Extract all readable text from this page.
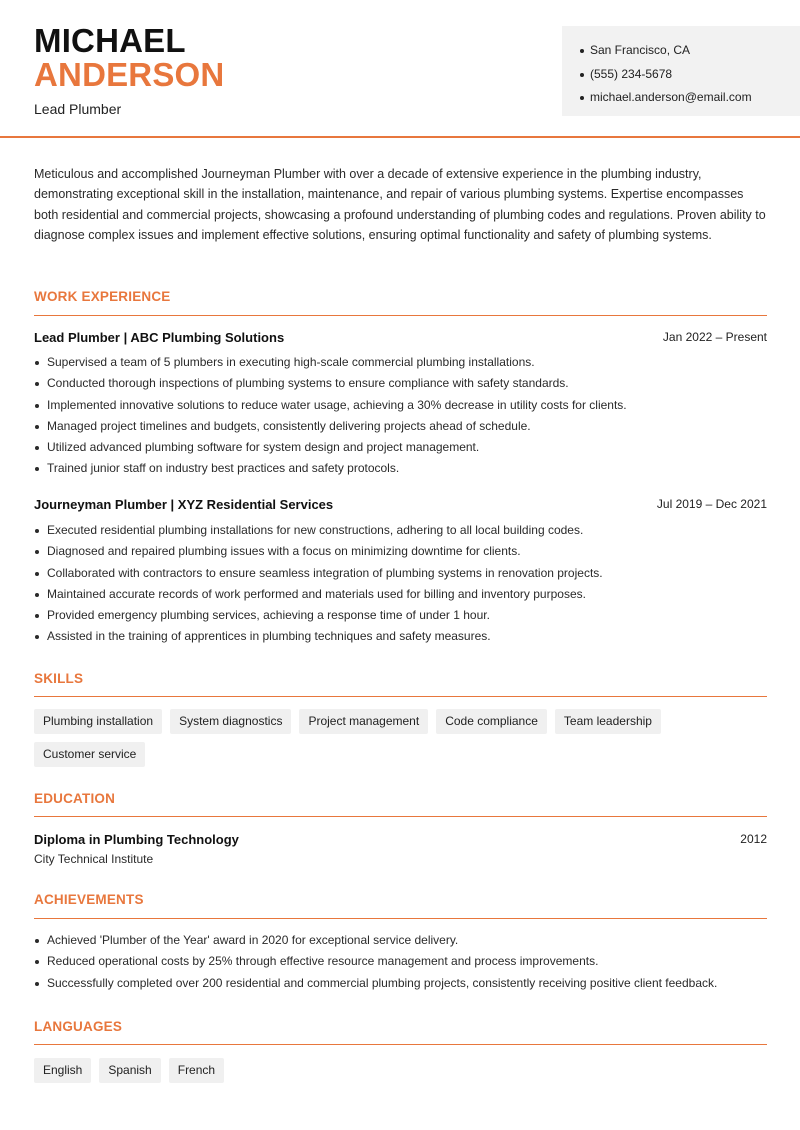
MICHAEL
ANDERSON
Lead Plumber
San Francisco, CA
(555) 234-5678
michael.anderson@email.com

Meticulous and accomplished Journeyman Plumber with over a decade of extensive experience in the plumbing industry, demonstrating exceptional skill in the installation, maintenance, and repair of various plumbing systems. Expertise encompasses both residential and commercial projects, showcasing a profound understanding of plumbing codes and regulations. Proven ability to diagnose complex issues and implement effective solutions, ensuring optimal functionality and safety of plumbing systems.

WORK EXPERIENCE
Lead Plumber | ABC Plumbing Solutions	Jan 2022 – Present
Supervised a team of 5 plumbers in executing high-scale commercial plumbing installations.
Conducted thorough inspections of plumbing systems to ensure compliance with safety standards.
Implemented innovative solutions to reduce water usage, achieving a 30% decrease in utility costs for clients.
Managed project timelines and budgets, consistently delivering projects ahead of schedule.
Utilized advanced plumbing software for system design and project management.
Trained junior staff on industry best practices and safety protocols.
Journeyman Plumber | XYZ Residential Services	Jul 2019 – Dec 2021
Executed residential plumbing installations for new constructions, adhering to all local building codes.
Diagnosed and repaired plumbing issues with a focus on minimizing downtime for clients.
Collaborated with contractors to ensure seamless integration of plumbing systems in renovation projects.
Maintained accurate records of work performed and materials used for billing and inventory purposes.
Provided emergency plumbing services, achieving a response time of under 1 hour.
Assisted in the training of apprentices in plumbing techniques and safety measures.
SKILLS
Plumbing installation	System diagnostics	Project management	Code compliance	Team leadership
Customer service
EDUCATION
Diploma in Plumbing Technology	2012
City Technical Institute
ACHIEVEMENTS
Achieved 'Plumber of the Year' award in 2020 for exceptional service delivery.
Reduced operational costs by 25% through effective resource management and process improvements.
Successfully completed over 200 residential and commercial plumbing projects, consistently receiving positive client feedback.
LANGUAGES
English	Spanish	French
